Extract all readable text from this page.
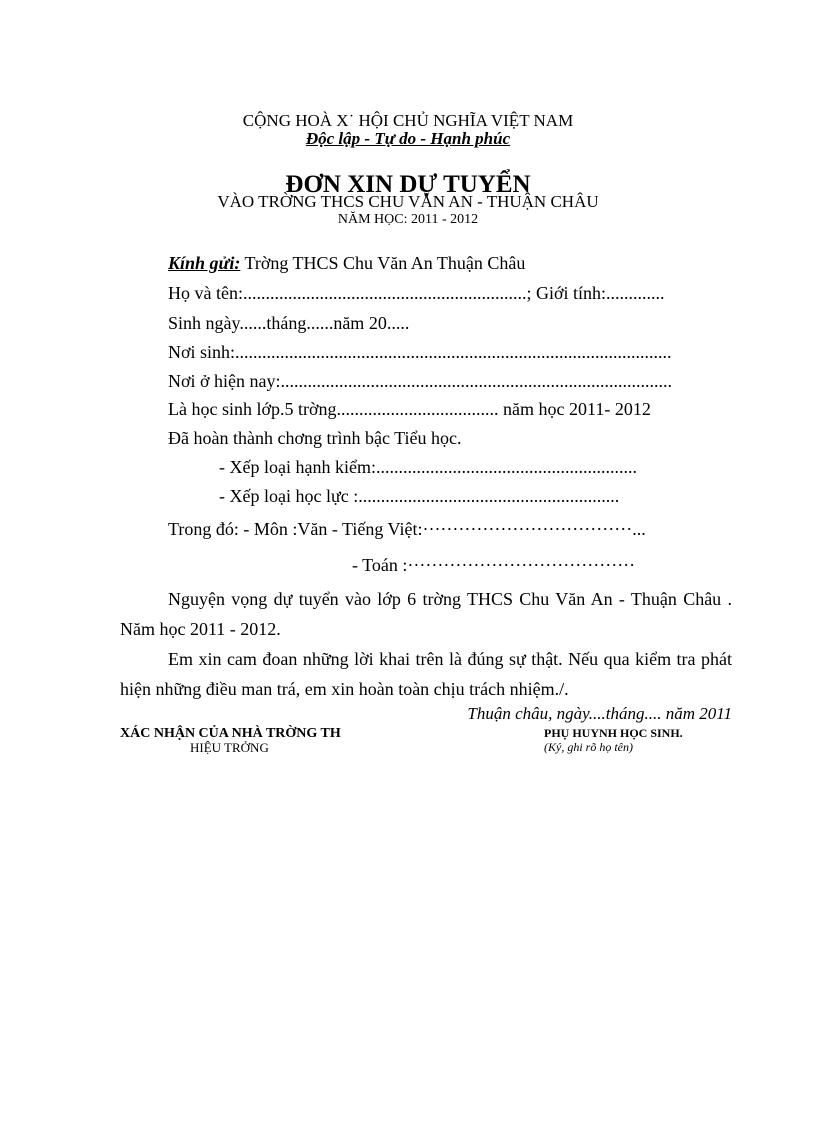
CỘNG HOÀ X˙ HỘI CHỦ NGHĨA VIỆT NAM
Độc lập - Tự do - Hạnh phúc
ĐƠN XIN DỰ TUYỂN
VÀO TRỜNG THCS CHU VĂN AN - THUẬN CHÂU
NĂM HỌC: 2011 - 2012
Kính gửi: Trờng THCS Chu Văn An Thuận Châu
Họ và tên:...............................................................; Giới tính:.............
Sinh ngày......tháng......năm 20.....
Nơi sinh:.................................................................................................
Nơi ở hiện nay:.......................................................................................
Là học sinh lớp.5 trờng.................................... năm học 2011- 2012
Đã hoàn thành chơng trình bậc Tiểu học.
- Xếp loại hạnh kiểm:..........................................................
- Xếp loại học lực :..........................................................
Trong đó: - Môn :Văn - Tiếng Việt:···································...
- Toán :······································
Nguyện vọng dự tuyển vào lớp 6 trờng THCS Chu Văn An - Thuận Châu . Năm học 2011 - 2012.
Em xin cam đoan những lời khai trên là đúng sự thật. Nếu qua kiểm tra phát hiện những điều man trá, em xin hoàn toàn chịu trách nhiệm./.
Thuận châu, ngày....tháng.... năm 2011
XÁC NHẬN CỦA NHÀ TRỜNG TH
HIỆU TRỞNG
PHỤ HUYNH HỌC SINH.
(Ký, ghi rõ họ tên)
